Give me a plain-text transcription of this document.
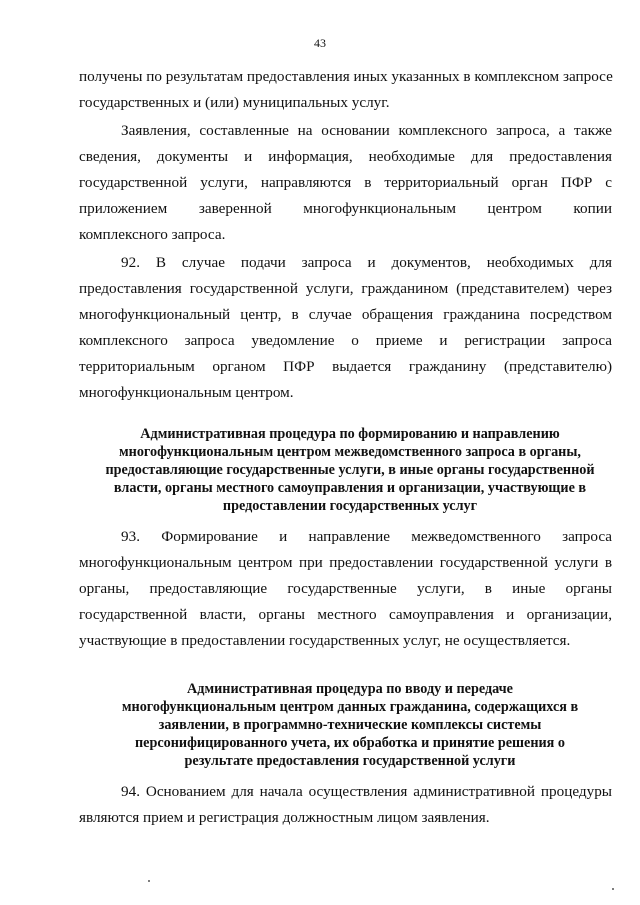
43
получены по результатам предоставления иных указанных в комплексном запросе
государственных и (или) муниципальных услуг.
Заявления, составленные на основании комплексного запроса, а также
сведения, документы и информация, необходимые для предоставления
государственной услуги, направляются в территориальный орган ПФР с
приложением заверенной многофункциональным центром копии
комплексного запроса.
92. В случае подачи запроса и документов, необходимых для
предоставления государственной услуги, гражданином (представителем) через
многофункциональный центр, в случае обращения гражданина посредством
комплексного запроса уведомление о приеме и регистрации запроса
территориальным органом ПФР выдается гражданину (представителю)
многофункциональным центром.
Административная процедура по формированию и направлению
многофункциональным центром межведомственного запроса в органы,
предоставляющие государственные услуги, в иные органы государственной
власти, органы местного самоуправления и организации, участвующие в
предоставлении государственных услуг
93. Формирование и направление межведомственного запроса
многофункциональным центром при предоставлении государственной услуги в
органы, предоставляющие государственные услуги, в иные органы
государственной власти, органы местного самоуправления и организации,
участвующие в предоставлении государственных услуг, не осуществляется.
Административная процедура по вводу и передаче
многофункциональным центром данных гражданина, содержащихся в
заявлении, в программно-технические комплексы системы
персонифицированного учета, их обработка и принятие решения о
результате предоставления государственной услуги
94. Основанием для начала осуществления административной процедуры
являются прием и регистрация должностным лицом заявления.
